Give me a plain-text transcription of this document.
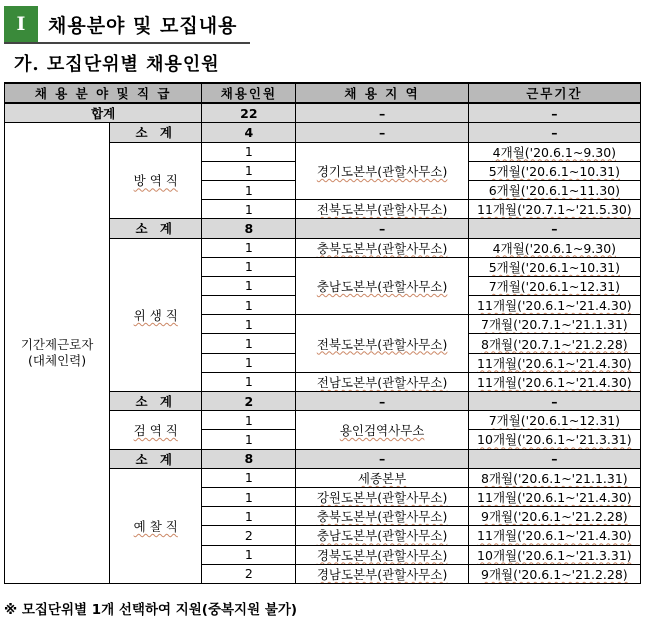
Ⅰ	채용분야 및 모집내용
가. 모집단위별 채용인원
채 용 분 야 및 직 급		채용인원	채 용 지 역	근무기간
합계		22	–	–

기간제근로자
(대체인력)	소 계	4	–	–
	방 역 직	1	경기도본부(관할사무소)	4개월('20.6.1~9.30)
		1		5개월('20.6.1~10.31)
		1		6개월('20.6.1~11.30)
		1	전북도본부(관할사무소)	11개월('20.7.1~'21.5.30)
	소 계	8	–	–
	위 생 직	1	충북도본부(관할사무소)	4개월('20.6.1~9.30)
		1	충남도본부(관할사무소)	5개월('20.6.1~10.31)
		1		7개월('20.6.1~12.31)
		1		11개월('20.6.1~'21.4.30)
		1	전북도본부(관할사무소)	7개월('20.7.1~'21.1.31)
		1		8개월('20.7.1~'21.2.28)
		1		11개월('20.6.1~'21.4.30)
		1	전남도본부(관할사무소)	11개월('20.6.1~'21.4.30)
	소 계	2	–	–
	검 역 직	1	용인검역사무소	7개월('20.6.1~12.31)
		1		10개월('20.6.1~'21.3.31)
	소 계	8	–	–
	예 찰 직	1	세종본부	8개월('20.6.1~'21.1.31)
		1	강원도본부(관할사무소)	11개월('20.6.1~'21.4.30)
		1	충북도본부(관할사무소)	9개월('20.6.1~'21.2.28)
		2	충남도본부(관할사무소)	11개월('20.6.1~'21.4.30)
		1	경북도본부(관할사무소)	10개월('20.6.1~'21.3.31)
		2	경남도본부(관할사무소)	9개월('20.6.1~'21.2.28)
※ 모집단위별 1개 선택하여 지원(중복지원 불가)
